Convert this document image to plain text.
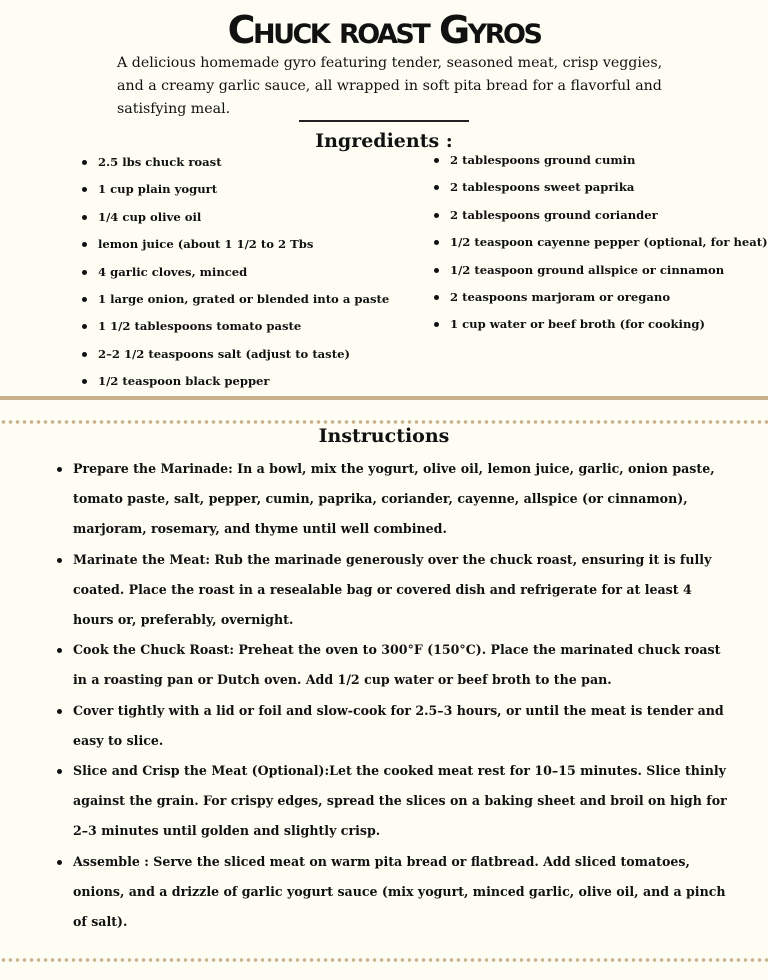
Chuck roast Gyros

A delicious homemade gyro featuring tender, seasoned meat, crisp veggies, and a creamy garlic sauce, all wrapped in soft pita bread for a flavorful and satisfying meal.

Ingredients :
2.5 lbs chuck roast
1 cup plain yogurt
1/4 cup olive oil
lemon juice (about 1 1/2 to 2 Tbs
4 garlic cloves, minced
1 large onion, grated or blended into a paste
1 1/2 tablespoons tomato paste
2–2 1/2 teaspoons salt (adjust to taste)
1/2 teaspoon black pepper
2 tablespoons ground cumin
2 tablespoons sweet paprika
2 tablespoons ground coriander
1/2 teaspoon cayenne pepper (optional, for heat)
1/2 teaspoon ground allspice or cinnamon
2 teaspoons marjoram or oregano
1 cup water or beef broth (for cooking)
Instructions
Prepare the Marinade: In a bowl, mix the yogurt, olive oil, lemon juice, garlic, onion paste, tomato paste, salt, pepper, cumin, paprika, coriander, cayenne, allspice (or cinnamon), marjoram, rosemary, and thyme until well combined.
Marinate the Meat: Rub the marinade generously over the chuck roast, ensuring it is fully coated. Place the roast in a resealable bag or covered dish and refrigerate for at least 4 hours or, preferably, overnight.
Cook the Chuck Roast: Preheat the oven to 300°F (150°C). Place the marinated chuck roast in a roasting pan or Dutch oven. Add 1/2 cup water or beef broth to the pan.
Cover tightly with a lid or foil and slow-cook for 2.5–3 hours, or until the meat is tender and easy to slice.
Slice and Crisp the Meat (Optional):Let the cooked meat rest for 10–15 minutes. Slice thinly against the grain. For crispy edges, spread the slices on a baking sheet and broil on high for 2–3 minutes until golden and slightly crisp.
Assemble : Serve the sliced meat on warm pita bread or flatbread. Add sliced tomatoes, onions, and a drizzle of garlic yogurt sauce (mix yogurt, minced garlic, olive oil, and a pinch of salt).
